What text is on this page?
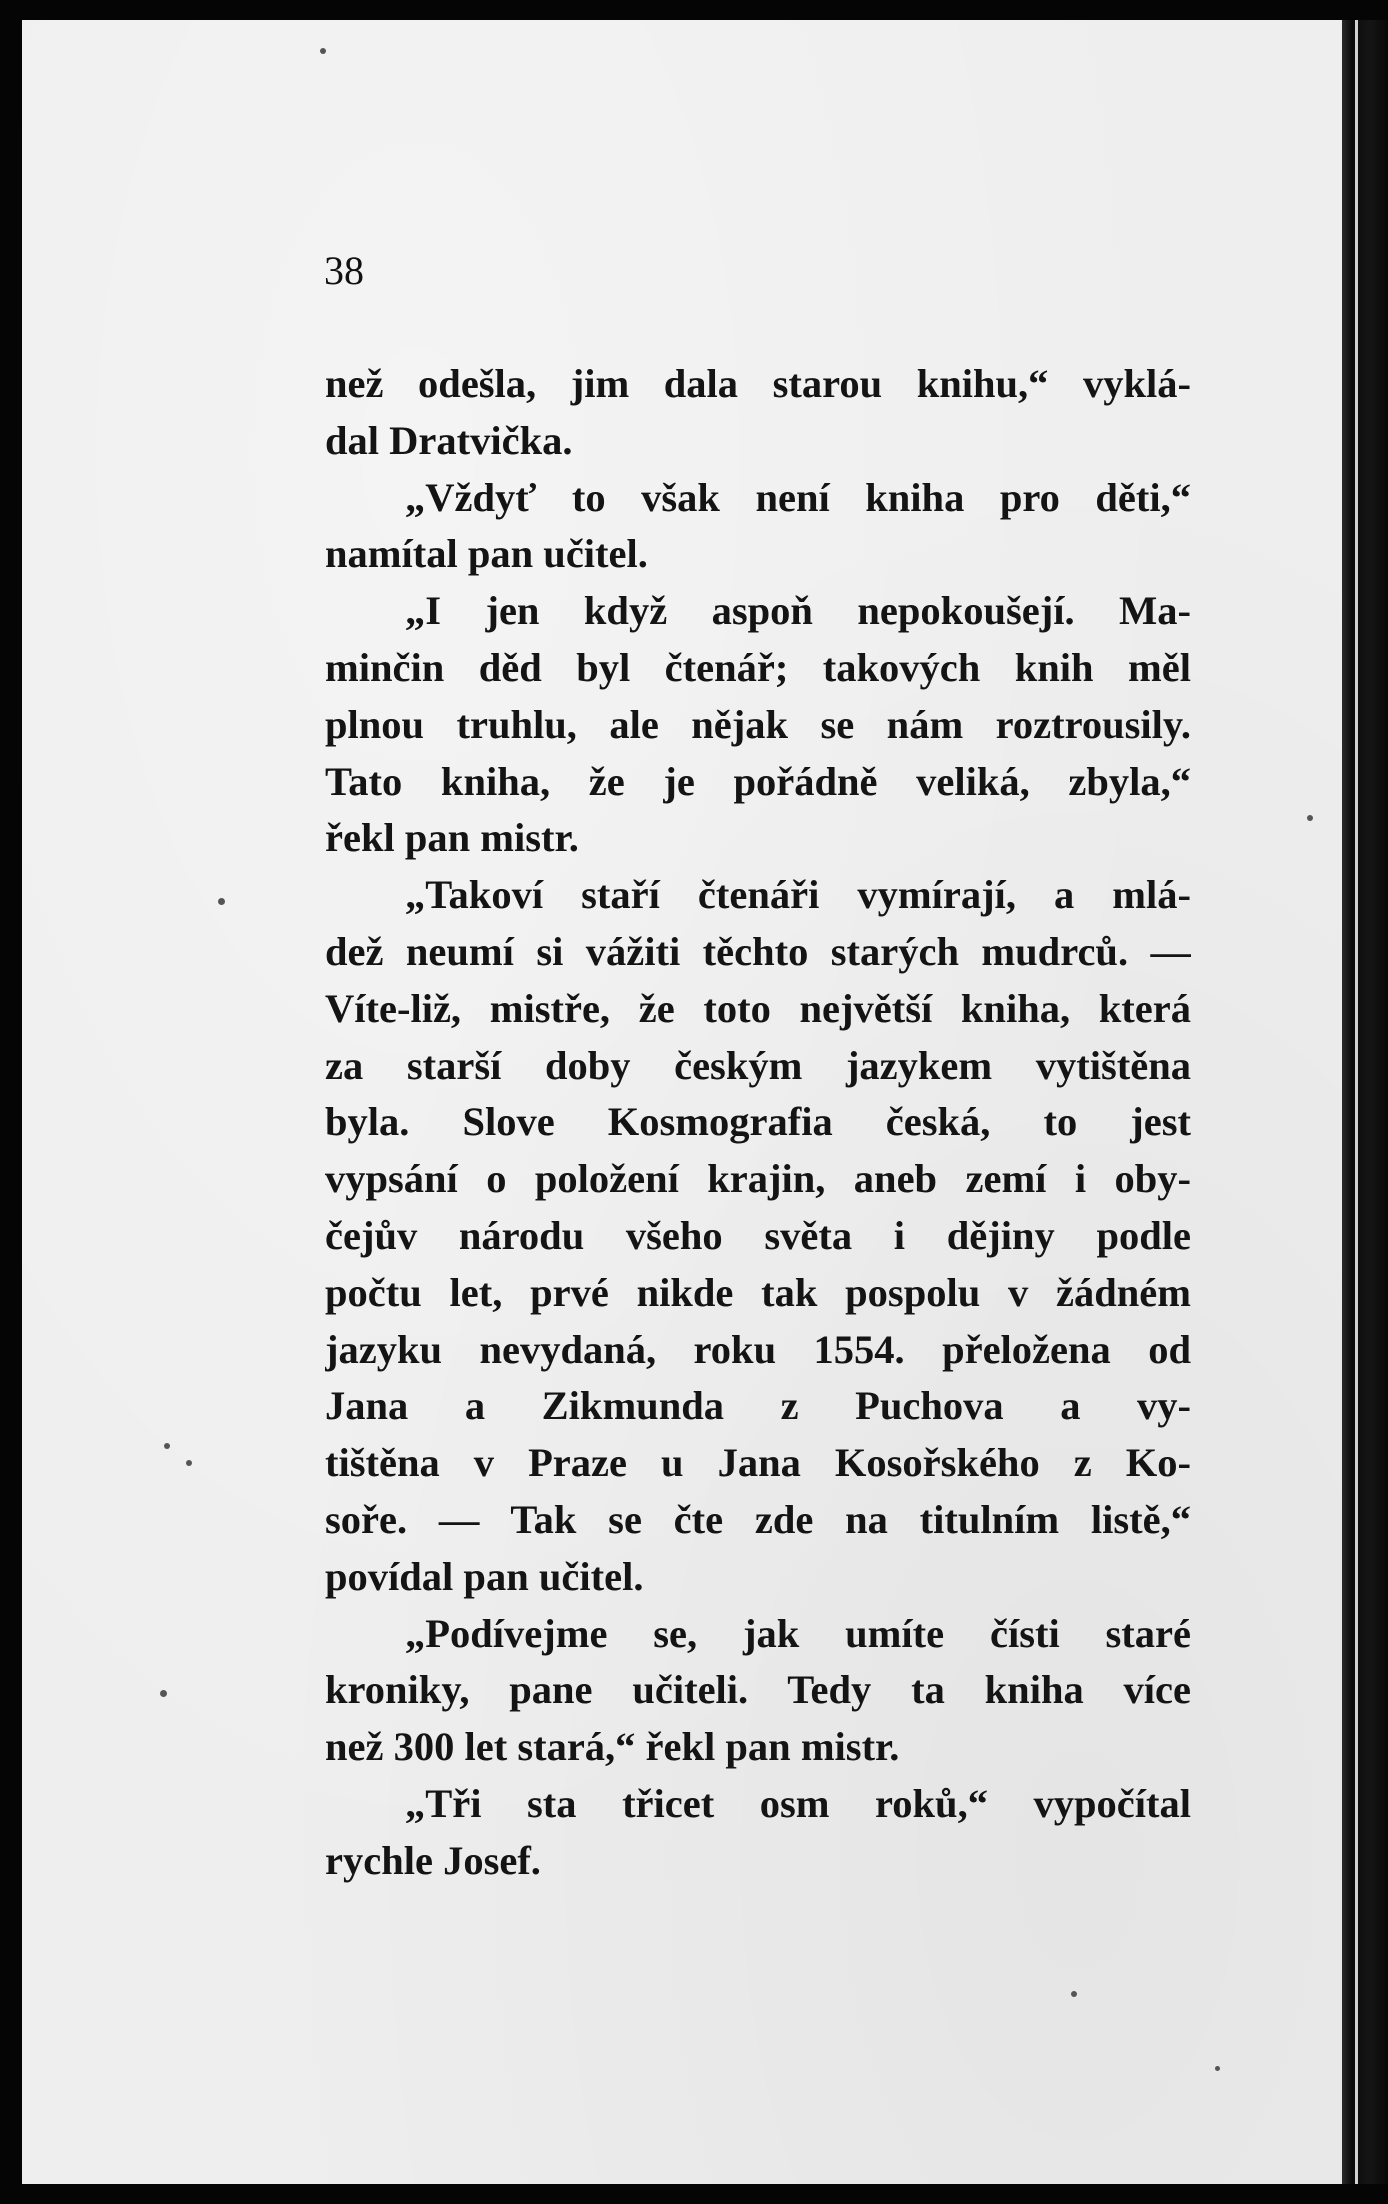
38

než odešla, jim dala starou knihu,“ vyklá-
dal Dratvička.
„Vždyť to však není kniha pro děti,“
namítal pan učitel.
„I jen když aspoň nepokoušejí. Ma-
minčin děd byl čtenář; takových knih měl
plnou truhlu, ale nějak se nám roztrousily.
Tato kniha, že je pořádně veliká, zbyla,“
řekl pan mistr.
„Takoví staří čtenáři vymírají, a mlá-
dež neumí si vážiti těchto starých mudrců. —
Víte-liž, mistře, že toto největší kniha, která
za starší doby českým jazykem vytištěna
byla. Slove Kosmografia česká, to jest
vypsání o položení krajin, aneb zemí i oby-
čejův národu všeho světa i dějiny podle
počtu let, prvé nikde tak pospolu v žádném
jazyku nevydaná, roku 1554. přeložena od
Jana a Zikmunda z Puchova a vy-
tištěna v Praze u Jana Kosořského z Ko-
soře. — Tak se čte zde na titulním listě,“
povídal pan učitel.
„Podívejme se, jak umíte čísti staré
kroniky, pane učiteli. Tedy ta kniha více
než 300 let stará,“ řekl pan mistr.
„Tři sta třicet osm roků,“ vypočítal
rychle Josef.
